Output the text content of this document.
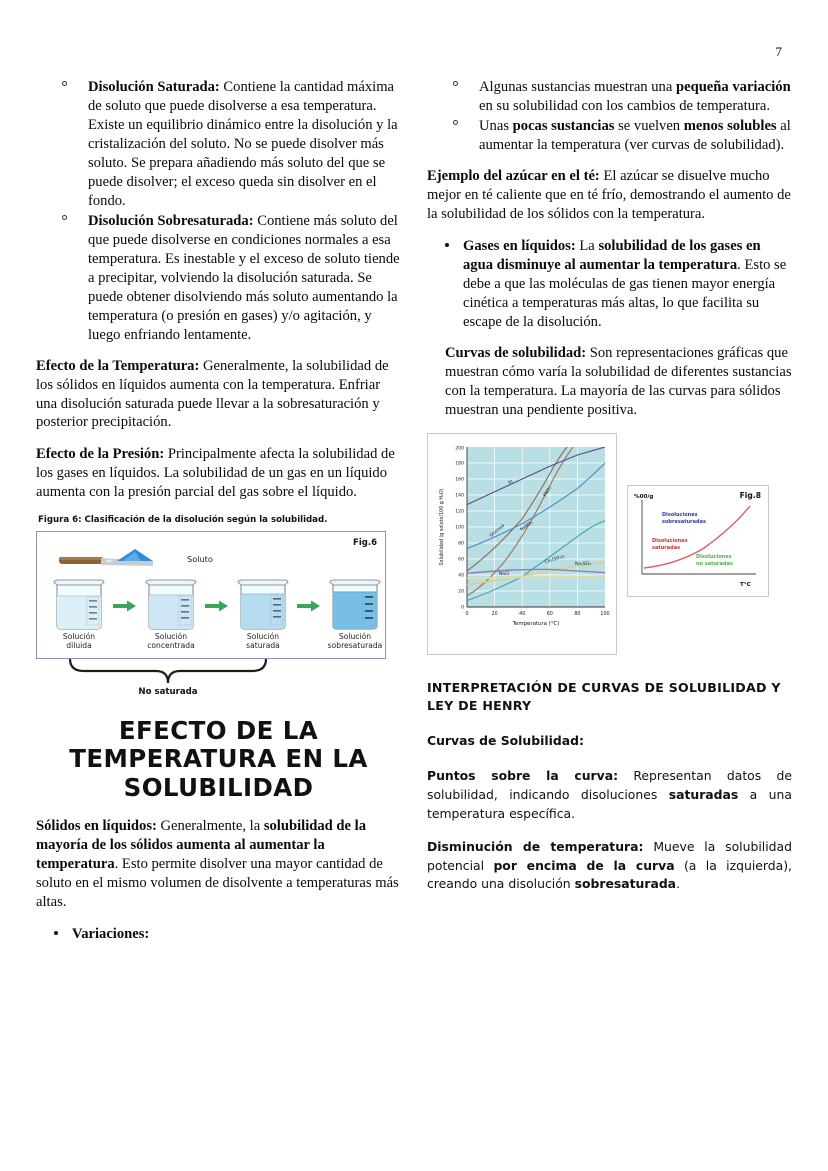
7
Disolución Saturada: Contiene la cantidad máxima de soluto que puede disolverse a esa temperatura. Existe un equilibrio dinámico entre la disolución y la cristalización del soluto. No se puede disolver más soluto. Se prepara añadiendo más soluto del que se puede disolver; el exceso queda sin disolver en el fondo.
Disolución Sobresaturada: Contiene más soluto del que puede disolverse en condiciones normales a esa temperatura. Es inestable y el exceso de soluto tiende a precipitar, volviendo la disolución saturada. Se puede obtener disolviendo más soluto aumentando la temperatura (o presión en gases) y/o agitación, y luego enfriando lentamente.

Efecto de la Temperatura: Generalmente, la solubilidad de los sólidos en líquidos aumenta con la temperatura. Enfriar una disolución saturada puede llevar a la sobresaturación y posterior precipitación.

Efecto de la Presión: Principalmente afecta la solubilidad de los gases en líquidos. La solubilidad de un gas en un líquido aumenta con la presión parcial del gas sobre el líquido.

Figura 6: Clasificación de la disolución según la solubilidad.
Fig.6
Soluto
Solución
diluida
Solución
concentrada
Solución
saturada
Solución
sobresaturada
No saturada
EFECTO DE LA TEMPERATURA EN LA SOLUBILIDAD

Sólidos en líquidos: Generalmente, la solubilidad de la mayoría de los sólidos aumenta al aumentar la temperatura. Esto permite disolver una mayor cantidad de soluto en el mismo volumen de disolvente a temperaturas más altas.

Variaciones:
Algunas sustancias muestran una pequeña variación en su solubilidad con los cambios de temperatura.
Unas pocas sustancias se vuelven menos solubles al aumentar la temperatura (ver curvas de solubilidad).

Ejemplo del azúcar en el té: El azúcar se disuelve mucho mejor en té caliente que en té frío, demostrando el aumento de la solubilidad de los sólidos con la temperatura.

Gases en líquidos: La solubilidad de los gases en agua disminuye al aumentar la temperatura. Esto se debe a que las moléculas de gas tienen mayor energía cinética a temperaturas más altas, lo que facilita su escape de la disolución.

Curvas de solubilidad: Son representaciones gráficas que muestran cómo varía la solubilidad de diferentes sustancias con la temperatura. La mayoría de las curvas para sólidos muestran una pendiente positiva.

0
20
40
60
80
100
120
140
160
180
200
0	20	40	60	80	100
Temperatura (°C)
Solubilidad (g soluto/100 g H₂O)
KI
KNO₃
NaNO₃
Glucosa
NaCl
Ce₂(SO₄)₃ Na₂SO₄
Fig.8
%00/g
Disoluciones
sobresaturadas
Disoluciones
saturadas
Disoluciones
no saturadas
T°C
INTERPRETACIÓN DE CURVAS DE SOLUBILIDAD Y LEY DE HENRY

Curvas de Solubilidad:

Puntos sobre la curva: Representan datos de solubilidad, indicando disoluciones saturadas a una temperatura específica.

Disminución de temperatura: Mueve la solubilidad potencial por encima de la curva (a la izquierda), creando una disolución sobresaturada.
